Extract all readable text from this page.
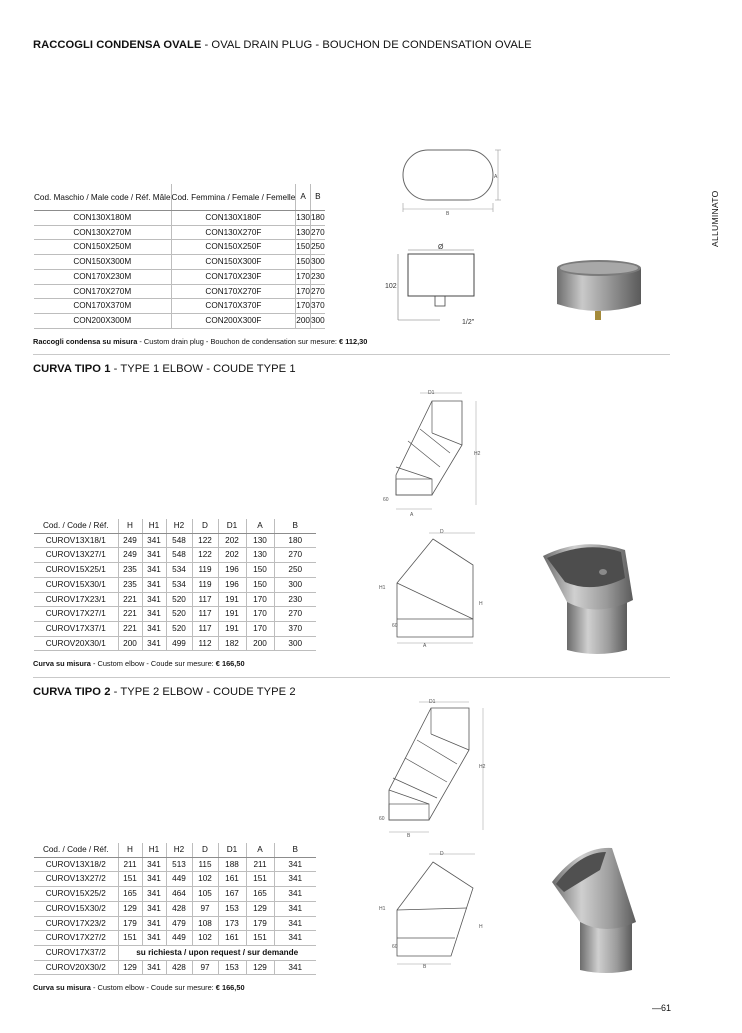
ALLUMINATO
RACCOGLI CONDENSA OVALE - OVAL DRAIN PLUG - BOUCHON DE CONDENSATION OVALE
Cod. Maschio / Male code / Réf. Mâle	Cod. Femmina / Female / Femelle	A	B
CON130X180M	CON130X180F	130	180
CON130X270M	CON130X270F	130	270
CON150X250M	CON150X250F	150	250
CON150X300M	CON150X300F	150	300
CON170X230M	CON170X230F	170	230
CON170X270M	CON170X270F	170	270
CON170X370M	CON170X370F	170	370
CON200X300M	CON200X300F	200	300
Raccogli condensa su misura - Custom drain plug - Bouchon de condensation sur mesure: € 112,30
A
B
Ø
102
1/2"
CURVA TIPO 1 - TYPE 1 ELBOW - COUDE TYPE 1
Cod. / Code / Réf.	H	H1	H2	D	D1	A	B
CUROV13X18/1	249	341	548	122	202	130	180
CUROV13X27/1	249	341	548	122	202	130	270
CUROV15X25/1	235	341	534	119	196	150	250
CUROV15X30/1	235	341	534	119	196	150	300
CUROV17X23/1	221	341	520	117	191	170	230
CUROV17X27/1	221	341	520	117	191	170	270
CUROV17X37/1	221	341	520	117	191	170	370
CUROV20X30/1	200	341	499	112	182	200	300
Curva su misura - Custom elbow - Coude sur mesure: € 166,50
D1
H2
60
A
D
H1
H
60
A
CURVA TIPO 2 - TYPE 2 ELBOW - COUDE TYPE 2
Cod. / Code / Réf.	H	H1	H2	D	D1	A	B
CUROV13X18/2	211	341	513	115	188	211	341
CUROV13X27/2	151	341	449	102	161	151	341
CUROV15X25/2	165	341	464	105	167	165	341
CUROV15X30/2	129	341	428	97	153	129	341
CUROV17X23/2	179	341	479	108	173	179	341
CUROV17X27/2	151	341	449	102	161	151	341
CUROV17X37/2	su richiesta / upon request / sur demande						
CUROV20X30/2	129	341	428	97	153	129	341
Curva su misura - Custom elbow - Coude sur mesure: € 166,50
D1
H2
60
B
D
H1
H
60
B
—61
